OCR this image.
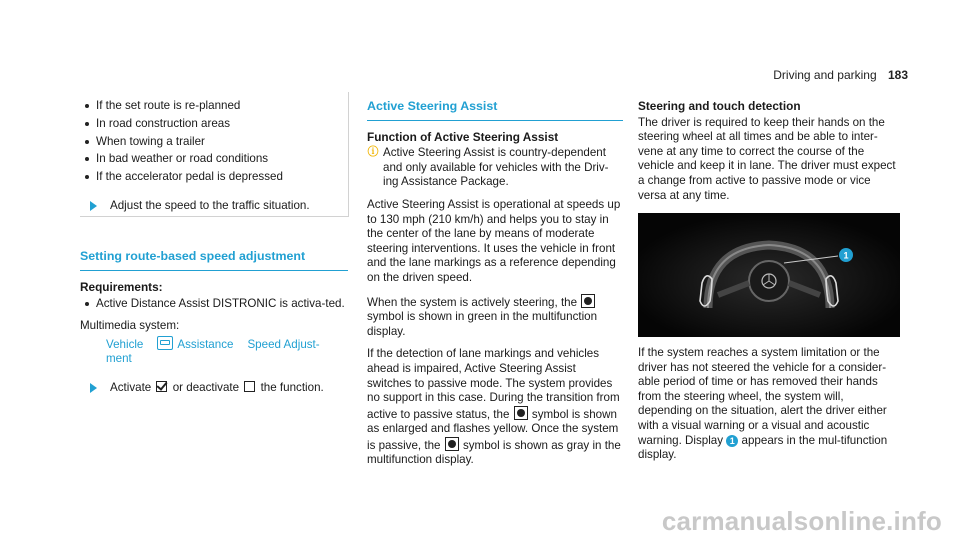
Driving and parking 183
If the set route is re-planned
In road construction areas
When towing a trailer
In bad weather or road conditions
If the accelerator pedal is depressed
Adjust the speed to the traffic situation.
Setting route-based speed adjustment
Requirements:
Active Distance Assist DISTRONIC is activa-ted.

Multimedia system:

Vehicle	Assistance Speed Adjust-ment
Activate or deactivate the function.
Active Steering Assist
Function of Active Steering Assist
ⓘ Active Steering Assist is country-dependent and only available for vehicles with the Driv-ing Assistance Package.

Active Steering Assist is operational at speeds up to 130 mph (210 km/h) and helps you to stay in the center of the lane by means of moderate steering interventions. It uses the vehicle in front and the lane markings as a reference depending on the driven speed.

When the system is actively steering, the  symbol is shown in green in the multifunction display.

If the detection of lane markings and vehicles ahead is impaired, Active Steering Assist switches to passive mode. The system provides no support in this case. During the transition from active to passive status, the symbol is shown as enlarged and flashes yellow. Once the system is passive, the symbol is shown as gray in the multifunction display.

Steering and touch detection

The driver is required to keep their hands on the steering wheel at all times and be able to inter-vene at any time to correct the course of the vehicle and keep it in lane. The driver must expect a change from active to passive mode or vice versa at any time.

1

If the system reaches a system limitation or the driver has not steered the vehicle for a consider-able period of time or has removed their hands from the steering wheel, the system will, depending on the situation, alert the driver either with a visual warning or a visual and acoustic warning. Display 1 appears in the mul-tifunction display.

carmanualsonline.info
